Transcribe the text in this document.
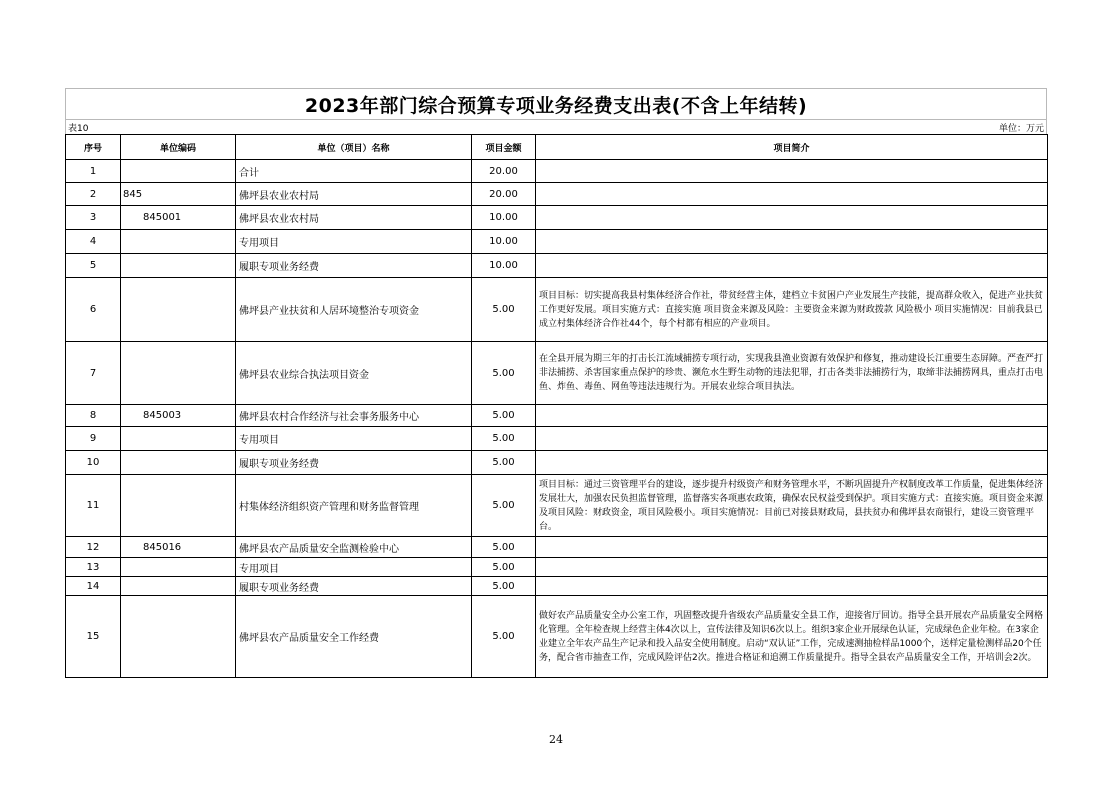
2023年部门综合预算专项业务经费支出表(不含上年结转)
表10	单位：万元
序号	单位编码	单位（项目）名称	项目金额	项目简介
1		合计	20.00	
2	845	佛坪县农业农村局	20.00	
3	845001	佛坪县农业农村局	10.00	
4		专用项目	10.00	
5		履职专项业务经费	10.00	
6		佛坪县产业扶贫和人居环境整治专项资金	5.00	项目目标：切实提高我县村集体经济合作社，带贫经营主体，建档立卡贫困户产业发展生产技能，提高群众收入，促进产业扶贫工作更好发展。项目实施方式：直接实施 项目资金来源及风险：主要资金来源为财政拨款 风险极小 项目实施情况：目前我县已成立村集体经济合作社44个，每个村都有相应的产业项目。
7		佛坪县农业综合执法项目资金	5.00	在全县开展为期三年的打击长江流域捕捞专项行动，实现我县渔业资源有效保护和修复，推动建设长江重要生态屏障。严查严打非法捕捞、杀害国家重点保护的珍贵、濒危水生野生动物的违法犯罪，打击各类非法捕捞行为，取缔非法捕捞网具，重点打击电鱼、炸鱼、毒鱼、网鱼等违法违规行为。开展农业综合项目执法。
8	845003	佛坪县农村合作经济与社会事务服务中心	5.00	
9		专用项目	5.00	
10		履职专项业务经费	5.00	
11		村集体经济组织资产管理和财务监督管理	5.00	项目目标：通过三资管理平台的建设，逐步提升村级资产和财务管理水平，不断巩固提升产权制度改革工作质量，促进集体经济发展壮大，加强农民负担监督管理，监督落实各项惠农政策，确保农民权益受到保护。项目实施方式：直接实施。项目资金来源及项目风险：财政资金，项目风险极小。项目实施情况：目前已对接县财政局，县扶贫办和佛坪县农商银行，建设三资管理平台。
12	845016	佛坪县农产品质量安全监测检验中心	5.00	
13		专用项目	5.00	
14		履职专项业务经费	5.00	
15		佛坪县农产品质量安全工作经费	5.00	做好农产品质量安全办公室工作，巩固整改提升省级农产品质量安全县工作，迎接省厅回访。指导全县开展农产品质量安全网格化管理。全年检查规上经营主体4次以上，宣传法律及知识6次以上。组织3家企业开展绿色认证，完成绿色企业年检。在3家企业建立全年农产品生产记录和投入品安全使用制度。启动“双认证”工作，完成速测抽检样品1000个，送样定量检测样品20个任务，配合省市抽查工作，完成风险评估2次。推进合格证和追溯工作质量提升。指导全县农产品质量安全工作，开培训会2次。
24
